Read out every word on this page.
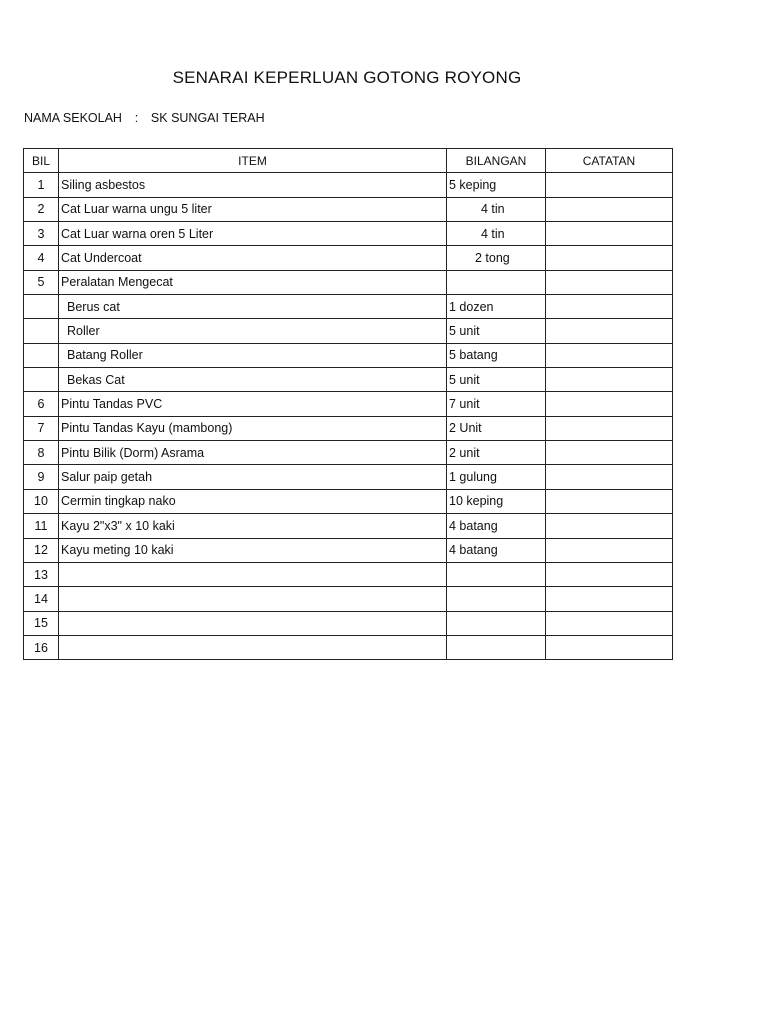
SENARAI KEPERLUAN GOTONG ROYONG
NAMA SEKOLAH : SK SUNGAI TERAH
BIL	ITEM	BILANGAN	CATATAN
1	Siling asbestos	5 keping	
2	Cat Luar warna ungu 5 liter	4 tin	
3	Cat Luar warna oren 5 Liter	4 tin	
4	Cat Undercoat	2 tong	
5	Peralatan Mengecat		
	Berus cat	1 dozen	
	Roller	5 unit	
	Batang Roller	5 batang	
	Bekas Cat	5 unit	
6	Pintu Tandas PVC	7 unit	
7	Pintu Tandas Kayu (mambong)	2 Unit	
8	Pintu Bilik (Dorm) Asrama	2 unit	
9	Salur paip getah	1 gulung	
10	Cermin tingkap nako	10 keping	
11	Kayu 2"x3" x 10 kaki	4 batang	
12	Kayu meting 10 kaki	4 batang	
13			
14			
15			
16			
